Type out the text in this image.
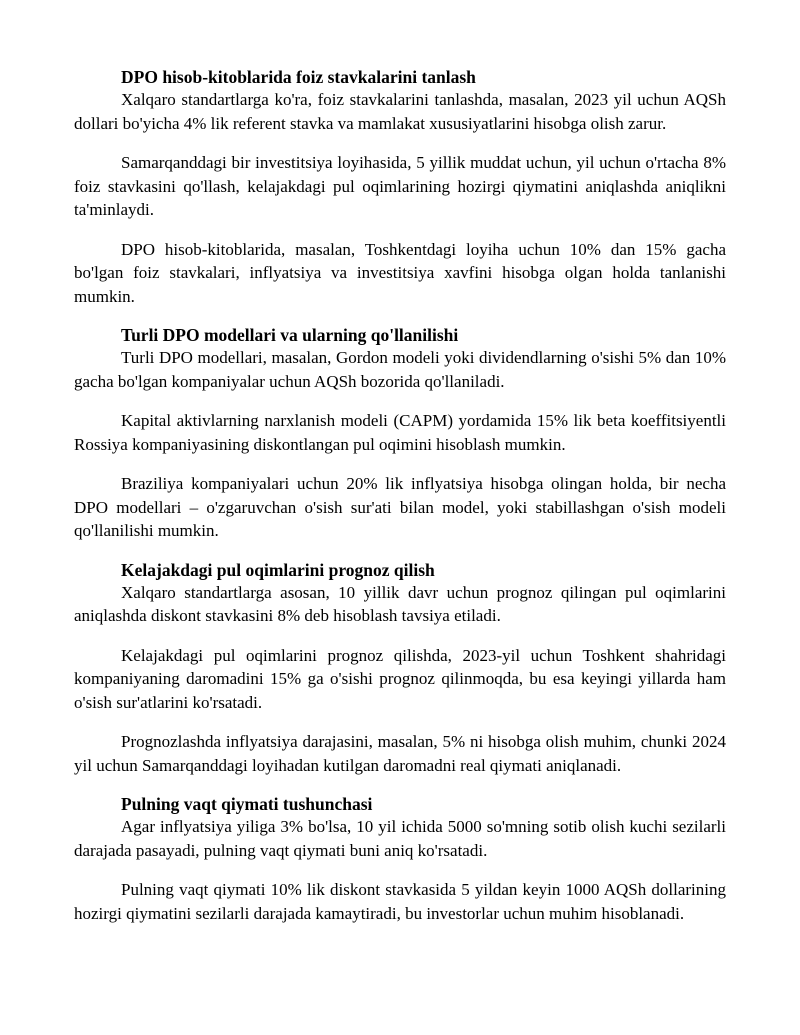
DPO hisob-kitoblarida foiz stavkalarini tanlash

Xalqaro standartlarga ko'ra, foiz stavkalarini tanlashda, masalan, 2023 yil uchun AQSh dollari bo'yicha 4% lik referent stavka va mamlakat xususiyatlarini hisobga olish zarur.

Samarqanddagi bir investitsiya loyihasida, 5 yillik muddat uchun, yil uchun o'rtacha 8% foiz stavkasini qo'llash, kelajakdagi pul oqimlarining hozirgi qiymatini aniqlashda aniqlikni ta'minlaydi.

DPO hisob-kitoblarida, masalan, Toshkentdagi loyiha uchun 10% dan 15% gacha bo'lgan foiz stavkalari, inflyatsiya va investitsiya xavfini hisobga olgan holda tanlanishi mumkin.

Turli DPO modellari va ularning qo'llanilishi

Turli DPO modellari, masalan, Gordon modeli yoki dividendlarning o'sishi 5% dan 10% gacha bo'lgan kompaniyalar uchun AQSh bozorida qo'llaniladi.

Kapital aktivlarning narxlanish modeli (CAPM) yordamida 15% lik beta koeffitsiyentli Rossiya kompaniyasining diskontlangan pul oqimini hisoblash mumkin.

Braziliya kompaniyalari uchun 20% lik inflyatsiya hisobga olingan holda, bir necha DPO modellari – o'zgaruvchan o'sish sur'ati bilan model, yoki stabillashgan o'sish modeli qo'llanilishi mumkin.

Kelajakdagi pul oqimlarini prognoz qilish

Xalqaro standartlarga asosan, 10 yillik davr uchun prognoz qilingan pul oqimlarini aniqlashda diskont stavkasini 8% deb hisoblash tavsiya etiladi.

Kelajakdagi pul oqimlarini prognoz qilishda, 2023-yil uchun Toshkent shahridagi kompaniyaning daromadini 15% ga o'sishi prognoz qilinmoqda, bu esa keyingi yillarda ham o'sish sur'atlarini ko'rsatadi.

Prognozlashda inflyatsiya darajasini, masalan, 5% ni hisobga olish muhim, chunki 2024 yil uchun Samarqanddagi loyihadan kutilgan daromadni real qiymati aniqlanadi.

Pulning vaqt qiymati tushunchasi

Agar inflyatsiya yiliga 3% bo'lsa, 10 yil ichida 5000 so'mning sotib olish kuchi sezilarli darajada pasayadi, pulning vaqt qiymati buni aniq ko'rsatadi.

Pulning vaqt qiymati 10% lik diskont stavkasida 5 yildan keyin 1000 AQSh dollarining hozirgi qiymatini sezilarli darajada kamaytiradi, bu investorlar uchun muhim hisoblanadi.
